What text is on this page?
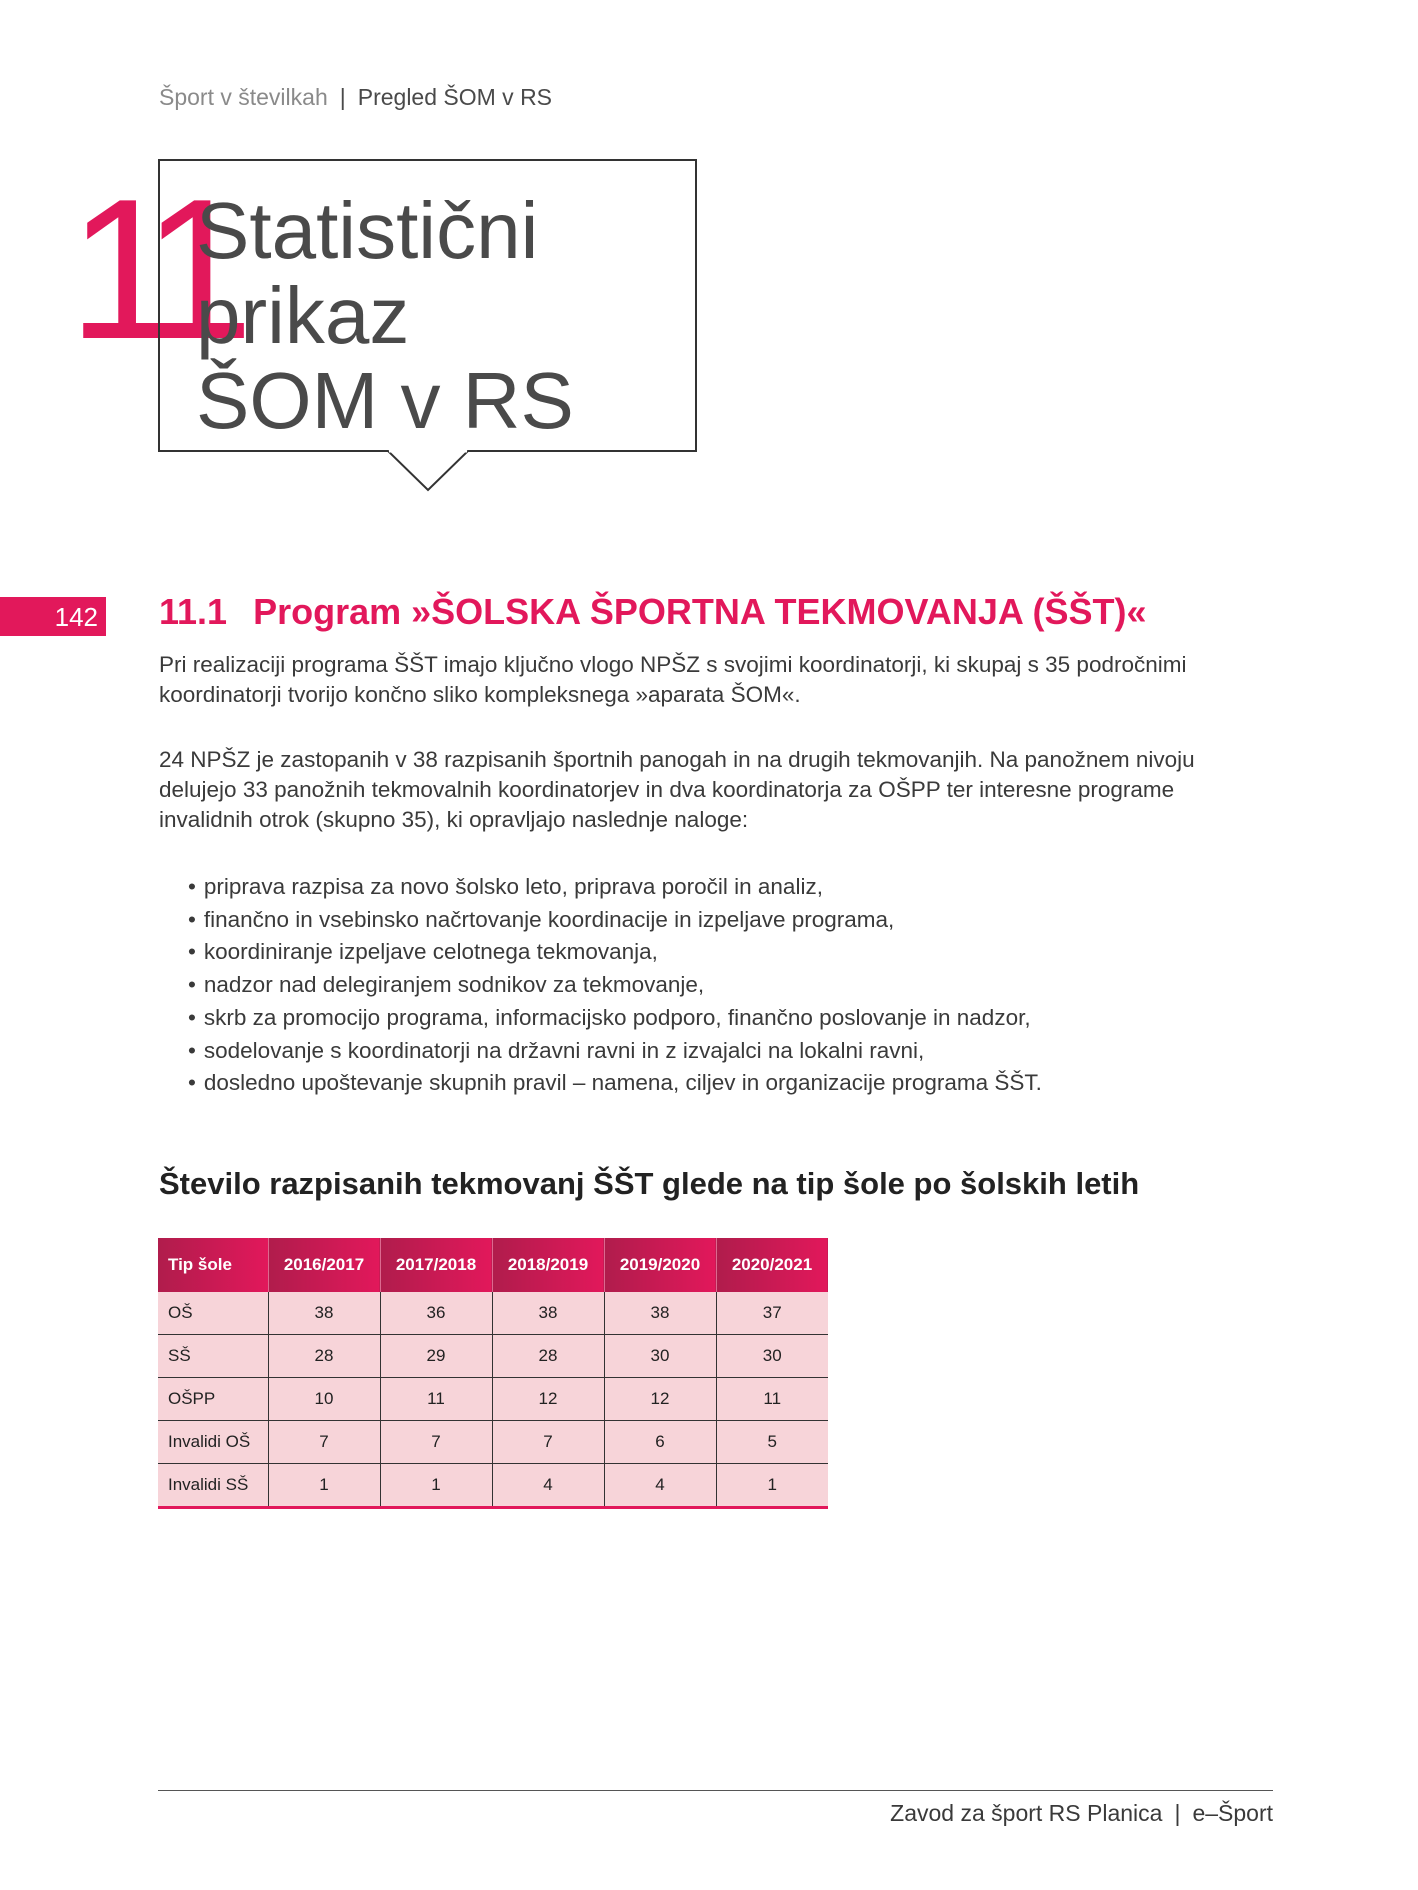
Šport v številkah | Pregled ŠOM v RS
11
Statistični
prikaz
ŠOM v RS
142 11.1 Program »ŠOLSKA ŠPORTNA TEKMOVANJA (ŠŠT)«
Pri realizaciji programa ŠŠT imajo ključno vlogo NPŠZ s svojimi koordinatorji, ki skupaj s 35 področnimi koordinatorji tvorijo končno sliko kompleksnega »aparata ŠOM«.
24 NPŠZ je zastopanih v 38 razpisanih športnih panogah in na drugih tekmovanjih. Na panožnem nivoju delujejo 33 panožnih tekmovalnih koordinatorjev in dva koordinatorja za OŠPP ter interesne programe invalidnih otrok (skupno 35), ki opravljajo naslednje naloge:
• priprava razpisa za novo šolsko leto, priprava poročil in analiz,
• finančno in vsebinsko načrtovanje koordinacije in izpeljave programa,
• koordiniranje izpeljave celotnega tekmovanja,
• nadzor nad delegiranjem sodnikov za tekmovanje,
• skrb za promocijo programa, informacijsko podporo, finančno poslovanje in nadzor,
• sodelovanje s koordinatorji na državni ravni in z izvajalci na lokalni ravni,
• dosledno upoštevanje skupnih pravil – namena, ciljev in organizacije programa ŠŠT.
Število razpisanih tekmovanj ŠŠT glede na tip šole po šolskih letih
Tip šole	2016/2017	2017/2018	2018/2019	2019/2020	2020/2021
OŠ	38	36	38	38	37
SŠ	28	29	28	30	30
OŠPP	10	11	12	12	11
Invalidi OŠ	7	7	7	6	5
Invalidi SŠ	1	1	4	4	1
Zavod za šport RS Planica | e–Šport
